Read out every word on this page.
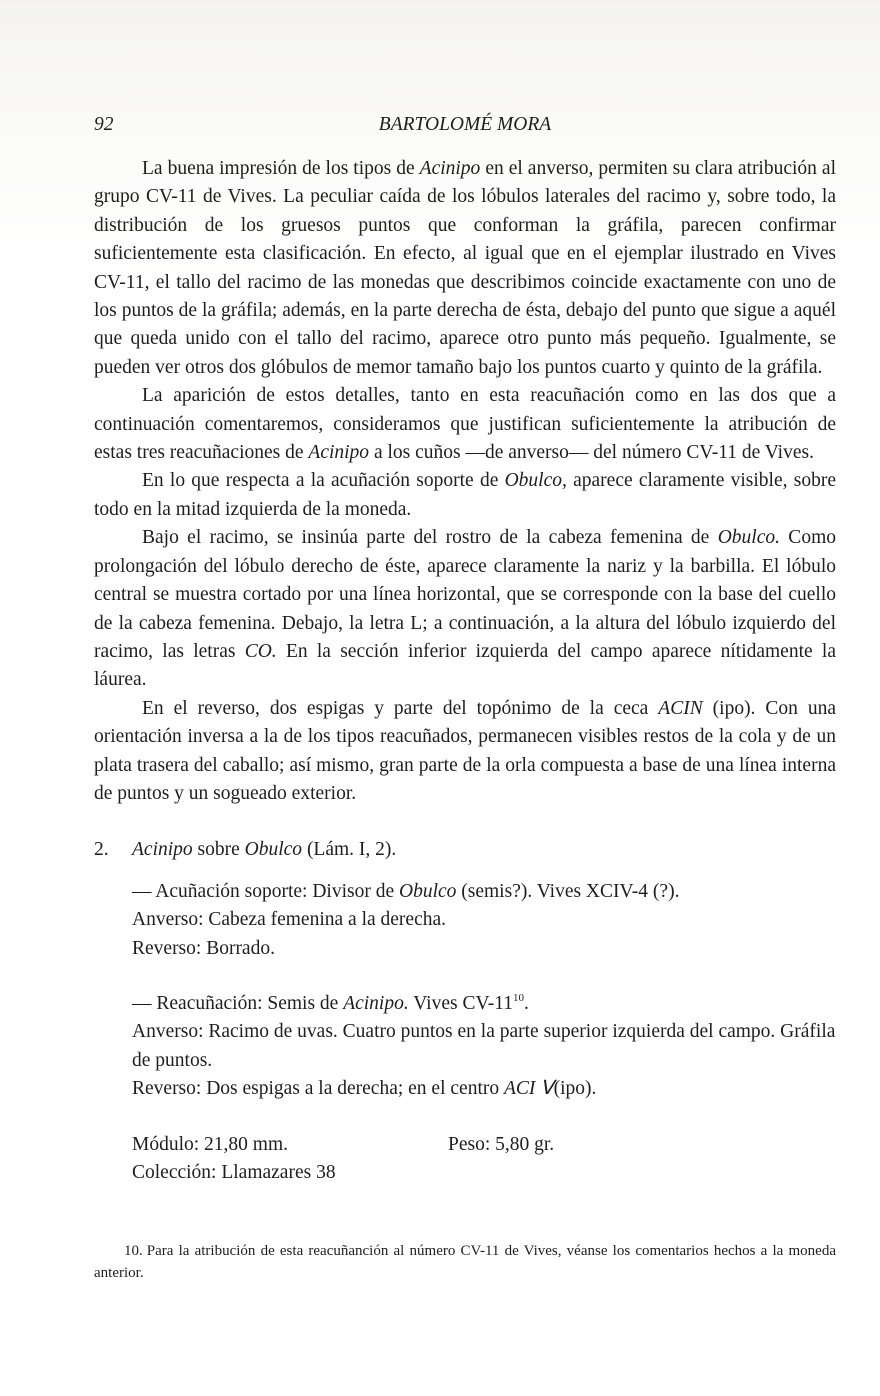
92	BARTOLOMÉ MORA

La buena impresión de los tipos de Acinipo en el anverso, permiten su clara atribución al grupo CV-11 de Vives. La peculiar caída de los lóbulos laterales del racimo y, sobre todo, la distribución de los gruesos puntos que conforman la gráfila, parecen confirmar suficientemente esta clasificación. En efecto, al igual que en el ejemplar ilustrado en Vives CV-11, el tallo del racimo de las monedas que describimos coincide exactamente con uno de los puntos de la gráfila; además, en la parte derecha de ésta, debajo del punto que sigue a aquél que queda unido con el tallo del racimo, aparece otro punto más pequeño. Igualmente, se pueden ver otros dos glóbulos de memor tamaño bajo los puntos cuarto y quinto de la gráfila.

La aparición de estos detalles, tanto en esta reacuñación como en las dos que a continuación comentaremos, consideramos que justifican suficientemente la atribución de estas tres reacuñaciones de Acinipo a los cuños —de anverso— del número CV-11 de Vives.

En lo que respecta a la acuñación soporte de Obulco, aparece claramente visible, sobre todo en la mitad izquierda de la moneda.

Bajo el racimo, se insinúa parte del rostro de la cabeza femenina de Obulco. Como prolongación del lóbulo derecho de éste, aparece claramente la nariz y la barbilla. El lóbulo central se muestra cortado por una línea horizontal, que se corresponde con la base del cuello de la cabeza femenina. Debajo, la letra L; a continuación, a la altura del lóbulo izquierdo del racimo, las letras CO. En la sección inferior izquierda del campo aparece nítidamente la láurea.

En el reverso, dos espigas y parte del topónimo de la ceca ACIN (ipo). Con una orientación inversa a la de los tipos reacuñados, permanecen visibles restos de la cola y de un plata trasera del caballo; así mismo, gran parte de la orla compuesta a base de una línea interna de puntos y un sogueado exterior.

2. Acinipo sobre Obulco (Lám. I, 2).

— Acuñación soporte: Divisor de Obulco (semis?). Vives XCIV-4 (?).

Anverso: Cabeza femenina a la derecha.

Reverso: Borrado.

— Reacuñación: Semis de Acinipo. Vives $CV-11^{10}$.

Anverso: Racimo de uvas. Cuatro puntos en la parte superior izquierda del campo. Gráfila de puntos.

Reverso: Dos espigas a la derecha; en el centro ACI ꓦ(ipo).

Módulo: 21,80 mm.	Peso: 5,80 gr.

Colección: Llamazares 38

10. Para la atribución de esta reacuñanción al número CV-11 de Vives, véanse los comentarios hechos a la moneda anterior.
